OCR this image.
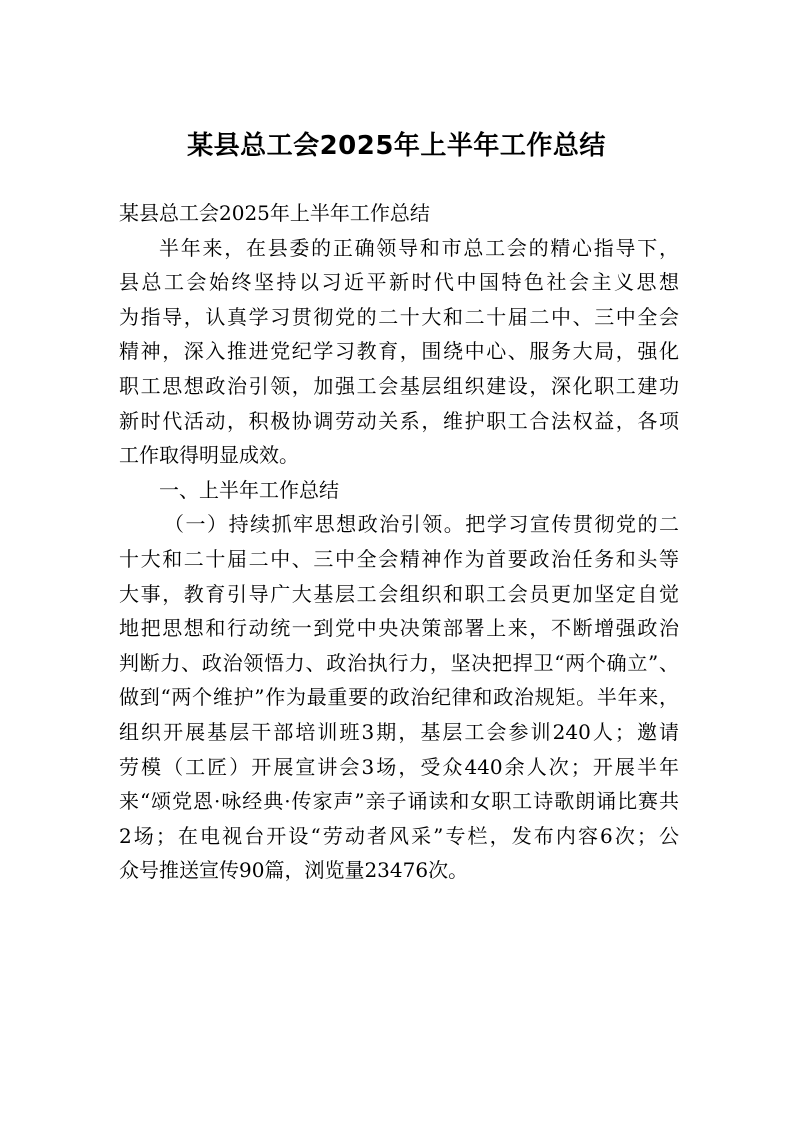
某县总工会2025年上半年工作总结

某县总工会2025年上半年工作总结

半年来，在县委的正确领导和市总工会的精心指导下，
县总工会始终坚持以习近平新时代中国特色社会主义思想
为指导，认真学习贯彻党的二十大和二十届二中、三中全会
精神，深入推进党纪学习教育，围绕中心、服务大局，强化
职工思想政治引领，加强工会基层组织建设，深化职工建功
新时代活动，积极协调劳动关系，维护职工合法权益，各项
工作取得明显成效。

一、上半年工作总结

（一）持续抓牢思想政治引领。把学习宣传贯彻党的二
十大和二十届二中、三中全会精神作为首要政治任务和头等
大事，教育引导广大基层工会组织和职工会员更加坚定自觉
地把思想和行动统一到党中央决策部署上来，不断增强政治
判断力、政治领悟力、政治执行力，坚决把捍卫“两个确立”、
做到“两个维护”作为最重要的政治纪律和政治规矩。半年来，
组织开展基层干部培训班3期，基层工会参训240人；邀请
劳模（工匠）开展宣讲会3场，受众440余人次；开展半年
来“颂党恩·咏经典·传家声”亲子诵读和女职工诗歌朗诵比赛共
2场；在电视台开设“劳动者风采”专栏，发布内容6次；公
众号推送宣传90篇，浏览量23476次。
